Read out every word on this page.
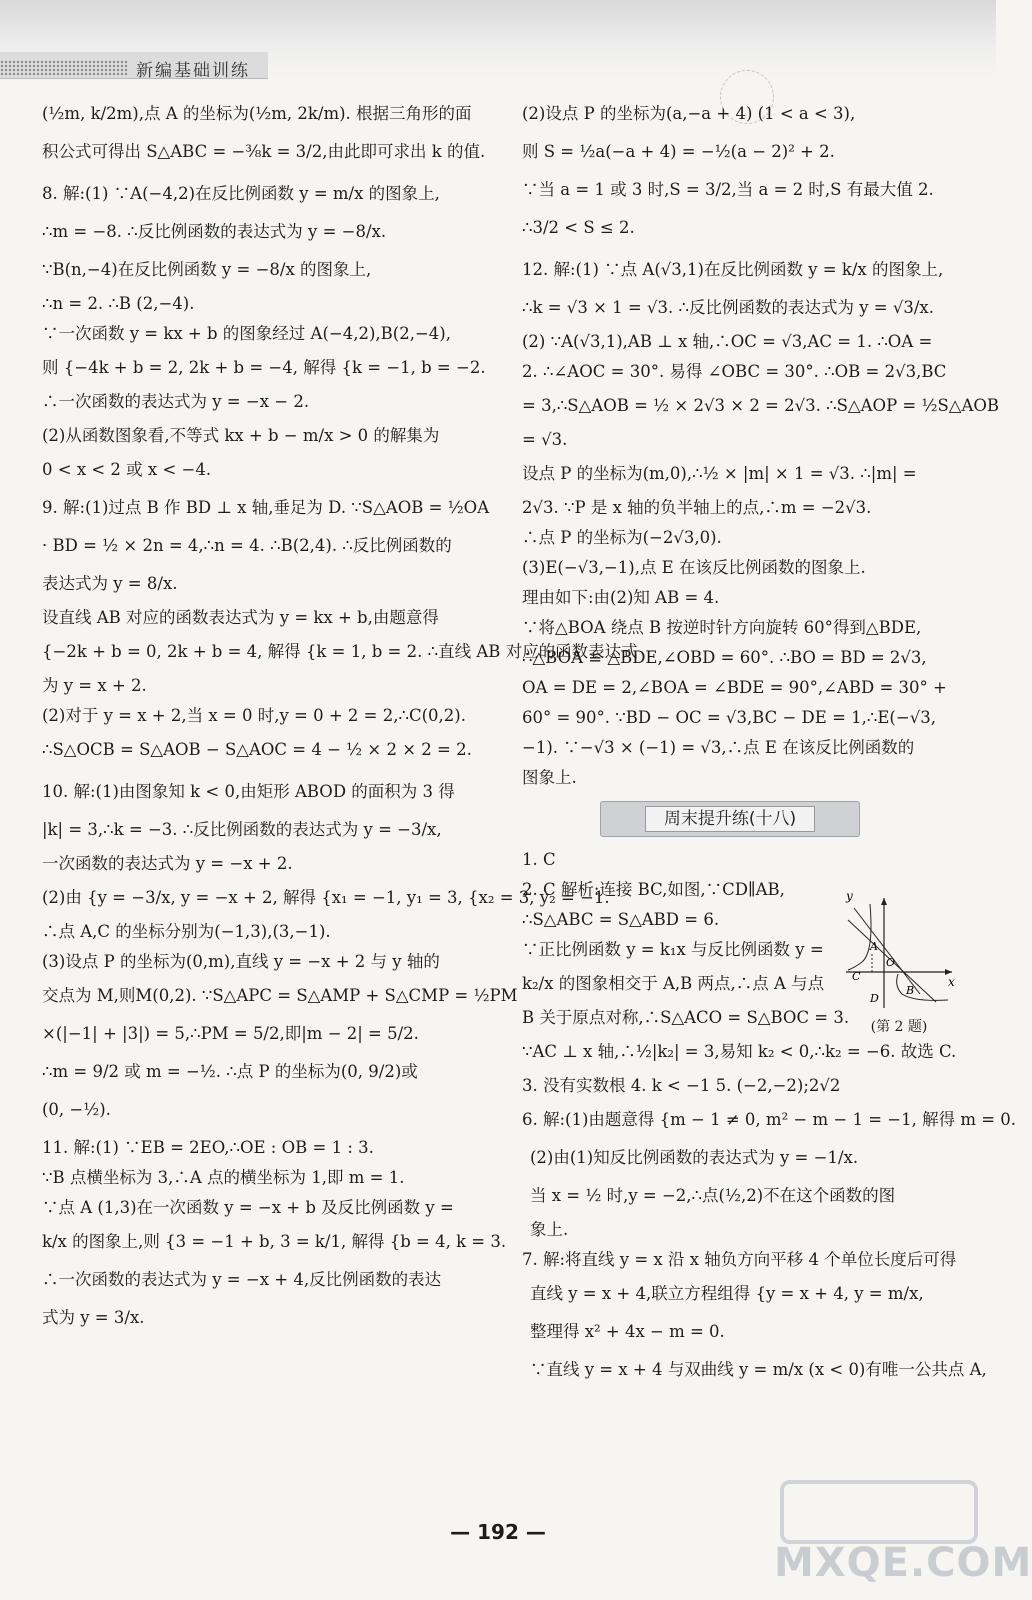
新编基础训练

(½m, k/2m),点 A 的坐标为(½m, 2k/m). 根据三角形的面

积公式可得出 S△ABC = −⅜k = 3/2,由此即可求出 k 的值.

8. 解:(1) ∵A(−4,2)在反比例函数 y = m/x 的图象上,

∴m = −8. ∴反比例函数的表达式为 y = −8/x.

∵B(n,−4)在反比例函数 y = −8/x 的图象上,

∴n = 2. ∴B (2,−4).

∵一次函数 y = kx + b 的图象经过 A(−4,2),B(2,−4),

则 {−4k + b = 2, 2k + b = −4, 解得 {k = −1, b = −2.

∴一次函数的表达式为 y = −x − 2.

(2)从函数图象看,不等式 kx + b − m/x > 0 的解集为

0 < x < 2 或 x < −4.

9. 解:(1)过点 B 作 BD ⊥ x 轴,垂足为 D. ∵S△AOB = ½OA

· BD = ½ × 2n = 4,∴n = 4. ∴B(2,4). ∴反比例函数的

表达式为 y = 8/x.

设直线 AB 对应的函数表达式为 y = kx + b,由题意得

{−2k + b = 0, 2k + b = 4, 解得 {k = 1, b = 2. ∴直线 AB 对应的函数表达式

为 y = x + 2.

(2)对于 y = x + 2,当 x = 0 时,y = 0 + 2 = 2,∴C(0,2).

∴S△OCB = S△AOB − S△AOC = 4 − ½ × 2 × 2 = 2.

10. 解:(1)由图象知 k < 0,由矩形 ABOD 的面积为 3 得

|k| = 3,∴k = −3. ∴反比例函数的表达式为 y = −3/x,

一次函数的表达式为 y = −x + 2.

(2)由 {y = −3/x, y = −x + 2, 解得 {x₁ = −1, y₁ = 3, {x₂ = 3, y₂ = −1.

∴点 A,C 的坐标分别为(−1,3),(3,−1).

(3)设点 P 的坐标为(0,m),直线 y = −x + 2 与 y 轴的

交点为 M,则M(0,2). ∵S△APC = S△AMP + S△CMP = ½PM

×(|−1| + |3|) = 5,∴PM = 5/2,即|m − 2| = 5/2.

∴m = 9/2 或 m = −½. ∴点 P 的坐标为(0, 9/2)或

(0, −½).

11. 解:(1) ∵EB = 2EO,∴OE : OB = 1 : 3.

∵B 点横坐标为 3,∴A 点的横坐标为 1,即 m = 1.

∵点 A (1,3)在一次函数 y = −x + b 及反比例函数 y =

k/x 的图象上,则 {3 = −1 + b, 3 = k/1, 解得 {b = 4, k = 3.

∴一次函数的表达式为 y = −x + 4,反比例函数的表达

式为 y = 3/x.

(2)设点 P 的坐标为(a,−a + 4) (1 < a < 3),

则 S = ½a(−a + 4) = −½(a − 2)² + 2.

∵当 a = 1 或 3 时,S = 3/2,当 a = 2 时,S 有最大值 2.

∴3/2 < S ≤ 2.

12. 解:(1) ∵点 A(√3,1)在反比例函数 y = k/x 的图象上,

∴k = √3 × 1 = √3. ∴反比例函数的表达式为 y = √3/x.

(2) ∵A(√3,1),AB ⊥ x 轴,∴OC = √3,AC = 1. ∴OA =

2. ∴∠AOC = 30°. 易得 ∠OBC = 30°. ∴OB = 2√3,BC

= 3,∴S△AOB = ½ × 2√3 × 2 = 2√3. ∴S△AOP = ½S△AOB

= √3.

设点 P 的坐标为(m,0),∴½ × |m| × 1 = √3. ∴|m| =

2√3. ∵P 是 x 轴的负半轴上的点,∴m = −2√3.

∴点 P 的坐标为(−2√3,0).

(3)E(−√3,−1),点 E 在该反比例函数的图象上.

理由如下:由(2)知 AB = 4.

∵将△BOA 绕点 B 按逆时针方向旋转 60°得到△BDE,

∴△BOA ≌ △BDE,∠OBD = 60°. ∴BO = BD = 2√3,

OA = DE = 2,∠BOA = ∠BDE = 90°,∠ABD = 30° +

60° = 90°. ∵BD − OC = √3,BC − DE = 1,∴E(−√3,

−1). ∵−√3 × (−1) = √3,∴点 E 在该反比例函数的

图象上.

周末提升练(十八)

1. C

2. C 解析:连接 BC,如图,∵CD∥AB,

∴S△ABC = S△ABD = 6.

∵正比例函数 y = k₁x 与反比例函数 y =

k₂/x 的图象相交于 A,B 两点,∴点 A 与点

B 关于原点对称,∴S△ACO = S△BOC = 3.

∵AC ⊥ x 轴,∴½|k₂| = 3,易知 k₂ < 0,∴k₂ = −6. 故选 C.

3. 没有实数根 4. k < −1 5. (−2,−2);2√2

6. 解:(1)由题意得 {m − 1 ≠ 0, m² − m − 1 = −1, 解得 m = 0.

(2)由(1)知反比例函数的表达式为 y = −1/x.

当 x = ½ 时,y = −2,∴点(½,2)不在这个函数的图

象上.

7. 解:将直线 y = x 沿 x 轴负方向平移 4 个单位长度后可得

直线 y = x + 4,联立方程组得 {y = x + 4, y = m/x,

整理得 x² + 4x − m = 0.

∵直线 y = x + 4 与双曲线 y = m/x (x < 0)有唯一公共点 A,

y
x
A
O
C
D
B
(第 2 题)
— 192 —
MXQE.COM
